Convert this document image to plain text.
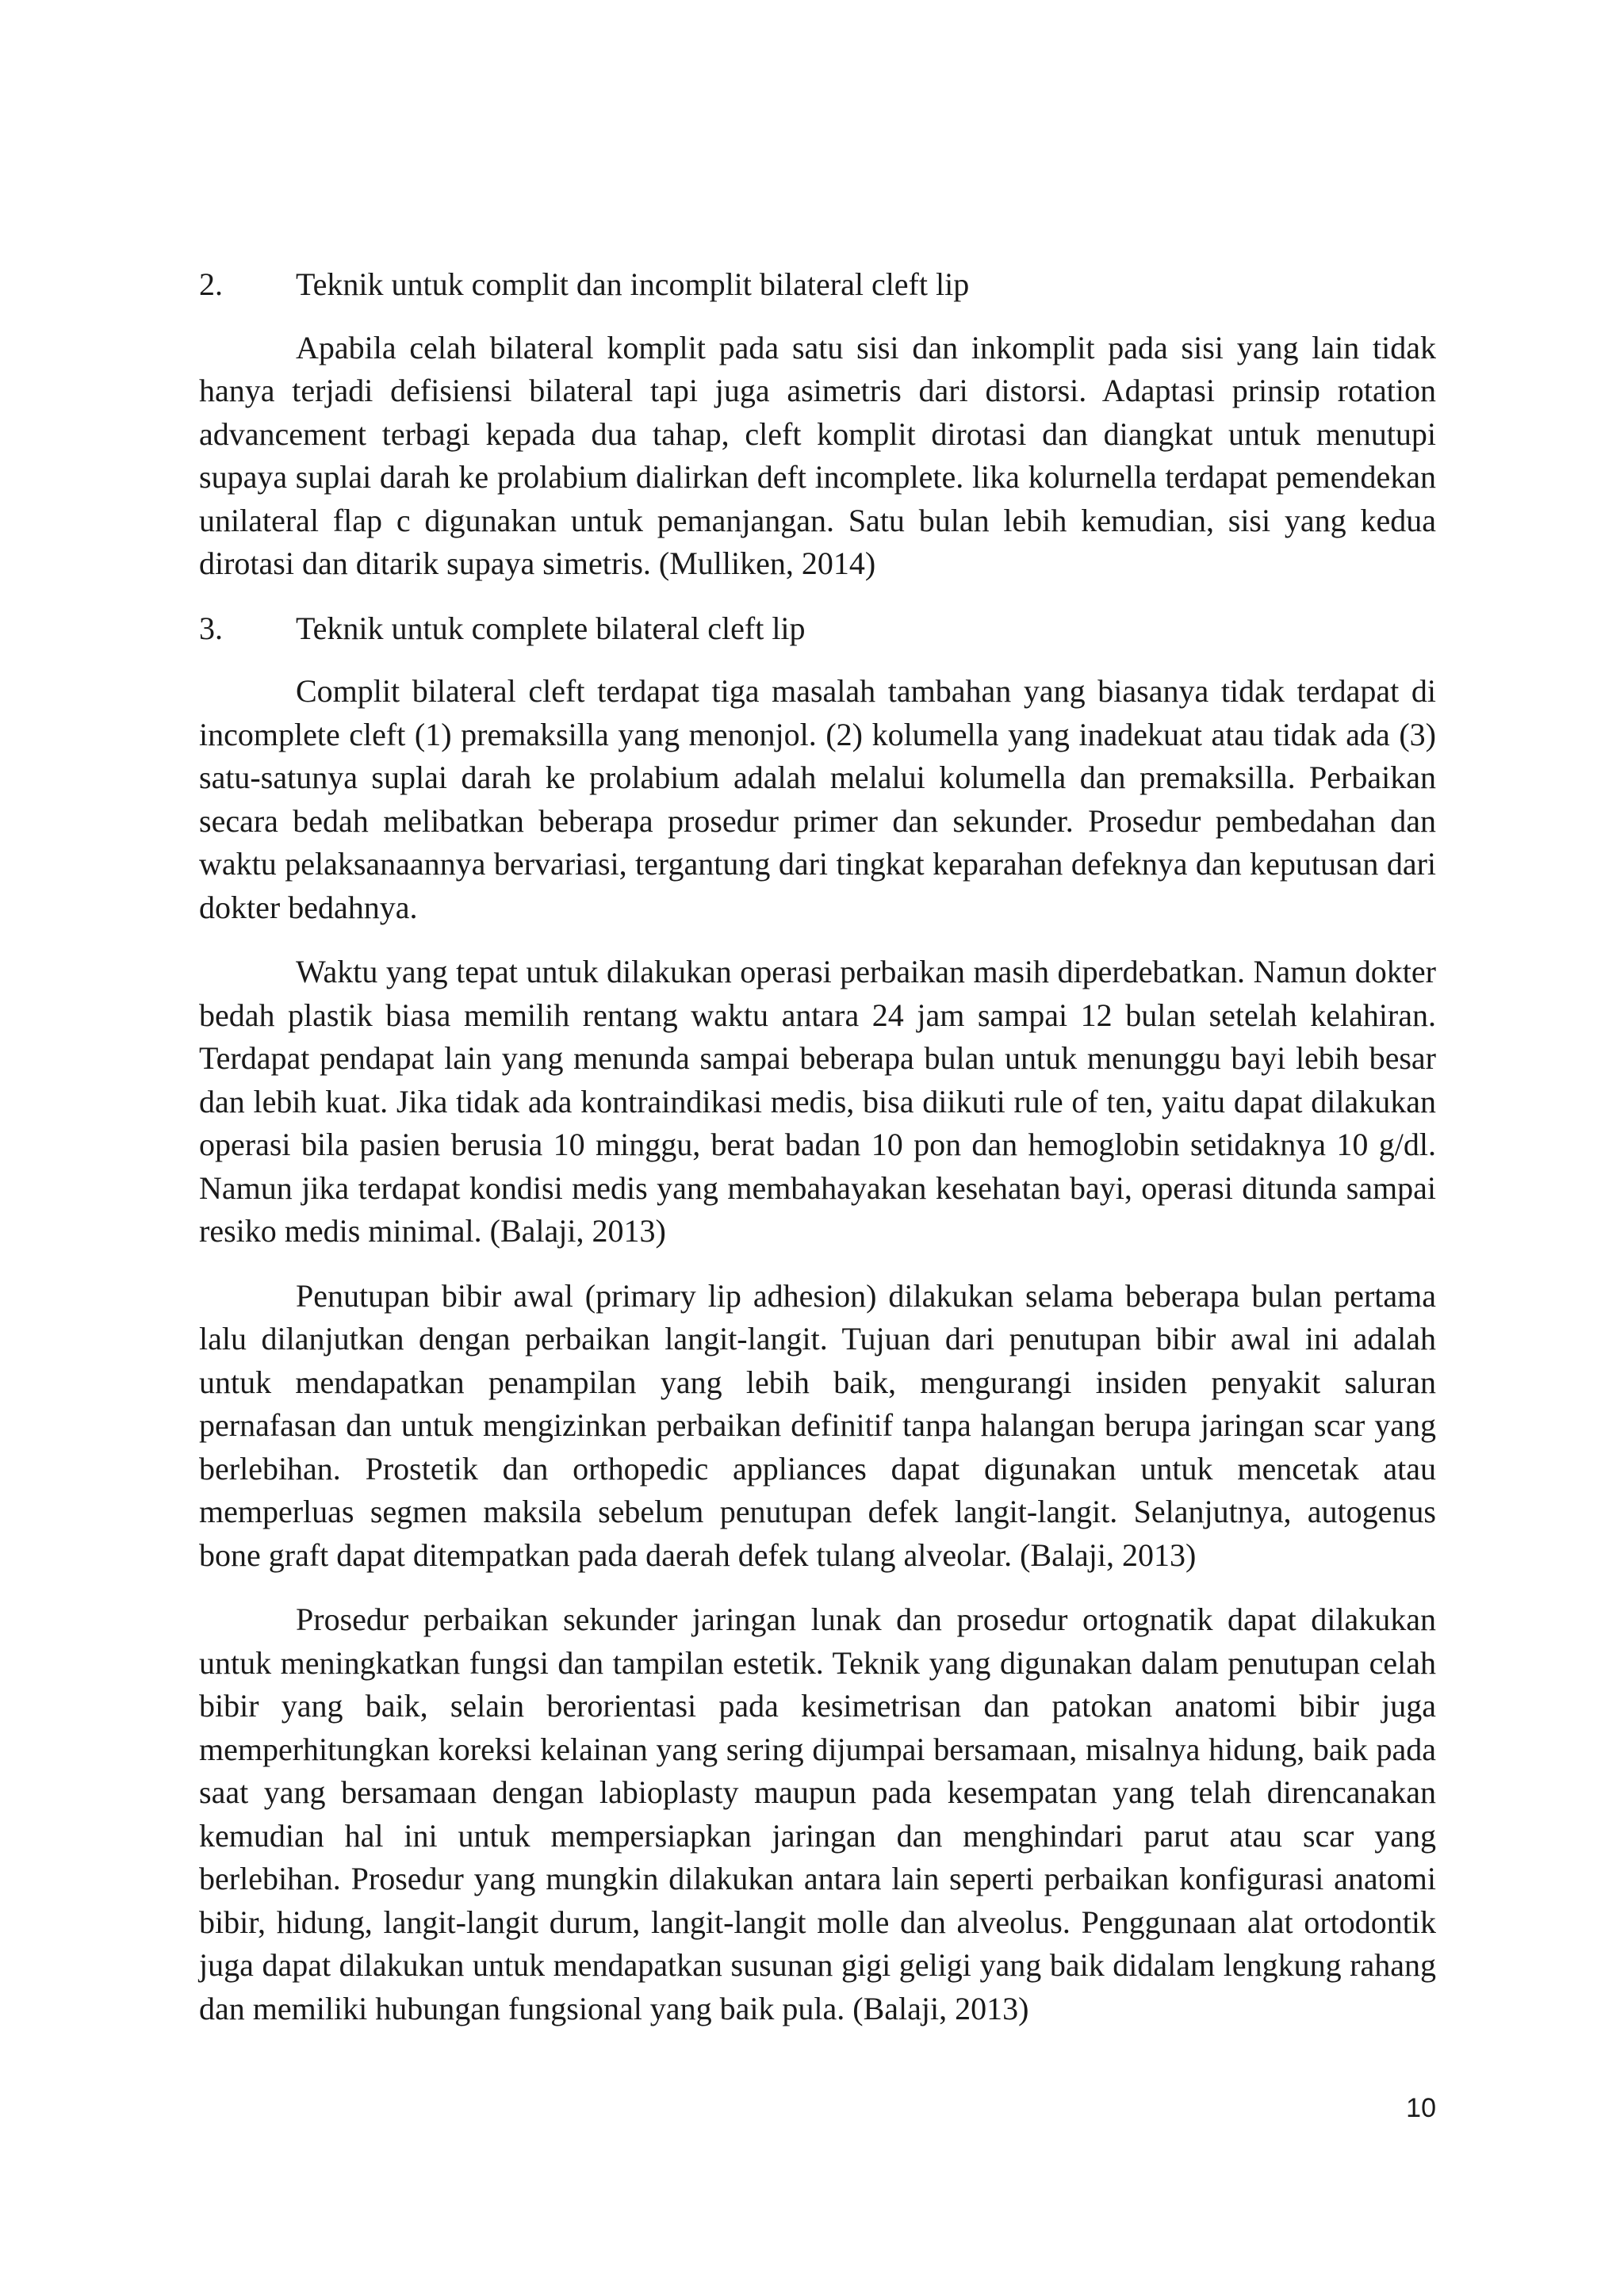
2.	Teknik untuk complit dan incomplit bilateral cleft lip

Apabila celah bilateral komplit pada satu sisi dan inkomplit pada sisi yang lain tidak hanya terjadi defisiensi bilateral tapi juga asimetris dari distorsi. Adaptasi prinsip rotation advancement terbagi kepada dua tahap, cleft komplit dirotasi dan diangkat untuk menutupi supaya suplai darah ke prolabium dialirkan deft incomplete. lika kolurnella terdapat pemendekan unilateral flap c digunakan untuk pemanjangan. Satu bulan lebih kemudian, sisi yang kedua dirotasi dan ditarik supaya simetris. (Mulliken, 2014)

3.	Teknik untuk complete bilateral cleft lip

Complit bilateral cleft terdapat tiga masalah tambahan yang biasanya tidak terdapat di incomplete cleft (1) premaksilla yang menonjol. (2) kolumella yang inadekuat atau tidak ada (3) satu-satunya suplai darah ke prolabium adalah melalui kolumella dan premaksilla. Perbaikan secara bedah melibatkan beberapa prosedur primer dan sekunder. Prosedur pembedahan dan waktu pelaksanaannya bervariasi, tergantung dari tingkat keparahan defeknya dan keputusan dari dokter bedahnya.

Waktu yang tepat untuk dilakukan operasi perbaikan masih diperdebatkan. Namun dokter bedah plastik biasa memilih rentang waktu antara 24 jam sampai 12 bulan setelah kelahiran. Terdapat pendapat lain yang menunda sampai beberapa bulan untuk menunggu bayi lebih besar dan lebih kuat. Jika tidak ada kontraindikasi medis, bisa diikuti rule of ten, yaitu dapat dilakukan operasi bila pasien berusia 10 minggu, berat badan 10 pon dan hemoglobin setidaknya 10 g/dl. Namun jika terdapat kondisi medis yang membahayakan kesehatan bayi, operasi ditunda sampai resiko medis minimal. (Balaji, 2013)

Penutupan bibir awal (primary lip adhesion) dilakukan selama beberapa bulan pertama lalu dilanjutkan dengan perbaikan langit-langit. Tujuan dari penutupan bibir awal ini adalah untuk mendapatkan penampilan yang lebih baik, mengurangi insiden penyakit saluran pernafasan dan untuk mengizinkan perbaikan definitif tanpa halangan berupa jaringan scar yang berlebihan. Prostetik dan orthopedic appliances dapat digunakan untuk mencetak atau memperluas segmen maksila sebelum penutupan defek langit-langit. Selanjutnya, autogenus bone graft dapat ditempatkan pada daerah defek tulang alveolar. (Balaji, 2013)

Prosedur perbaikan sekunder jaringan lunak dan prosedur ortognatik dapat dilakukan untuk meningkatkan fungsi dan tampilan estetik. Teknik yang digunakan dalam penutupan celah bibir yang baik, selain berorientasi pada kesimetrisan dan patokan anatomi bibir juga memperhitungkan koreksi kelainan yang sering dijumpai bersamaan, misalnya hidung, baik pada saat yang bersamaan dengan labioplasty maupun pada kesempatan yang telah direncanakan kemudian hal ini untuk mempersiapkan jaringan dan menghindari parut atau scar yang berlebihan. Prosedur yang mungkin dilakukan antara lain seperti perbaikan konfigurasi anatomi bibir, hidung, langit-langit durum, langit-langit molle dan alveolus. Penggunaan alat ortodontik juga dapat dilakukan untuk mendapatkan susunan gigi geligi yang baik didalam lengkung rahang dan memiliki hubungan fungsional yang baik pula. (Balaji, 2013)

10
